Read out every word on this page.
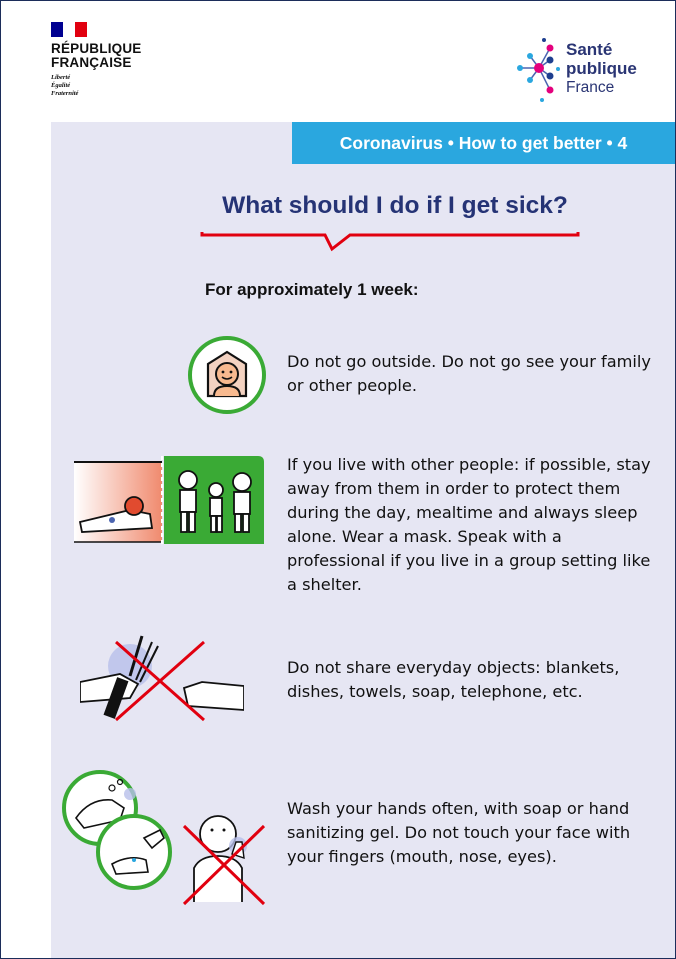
RÉPUBLIQUE
FRANÇAISE
Liberté
Égalité
Fraternité
Santé
publique
France
Coronavirus • How to get better • 4
What should I do if I get sick?
For approximately 1 week:

Do not go outside. Do not go see your family or other people.

If you live with other people: if possible, stay away from them in order to protect them during the day, mealtime and always sleep alone. Wear a mask. Speak with a professional if you live in a group setting like a shelter.

Do not share everyday objects: blankets, dishes, towels, soap, telephone, etc.

Wash your hands often, with soap or hand sanitizing gel. Do not touch your face with your fingers (mouth, nose, eyes).
